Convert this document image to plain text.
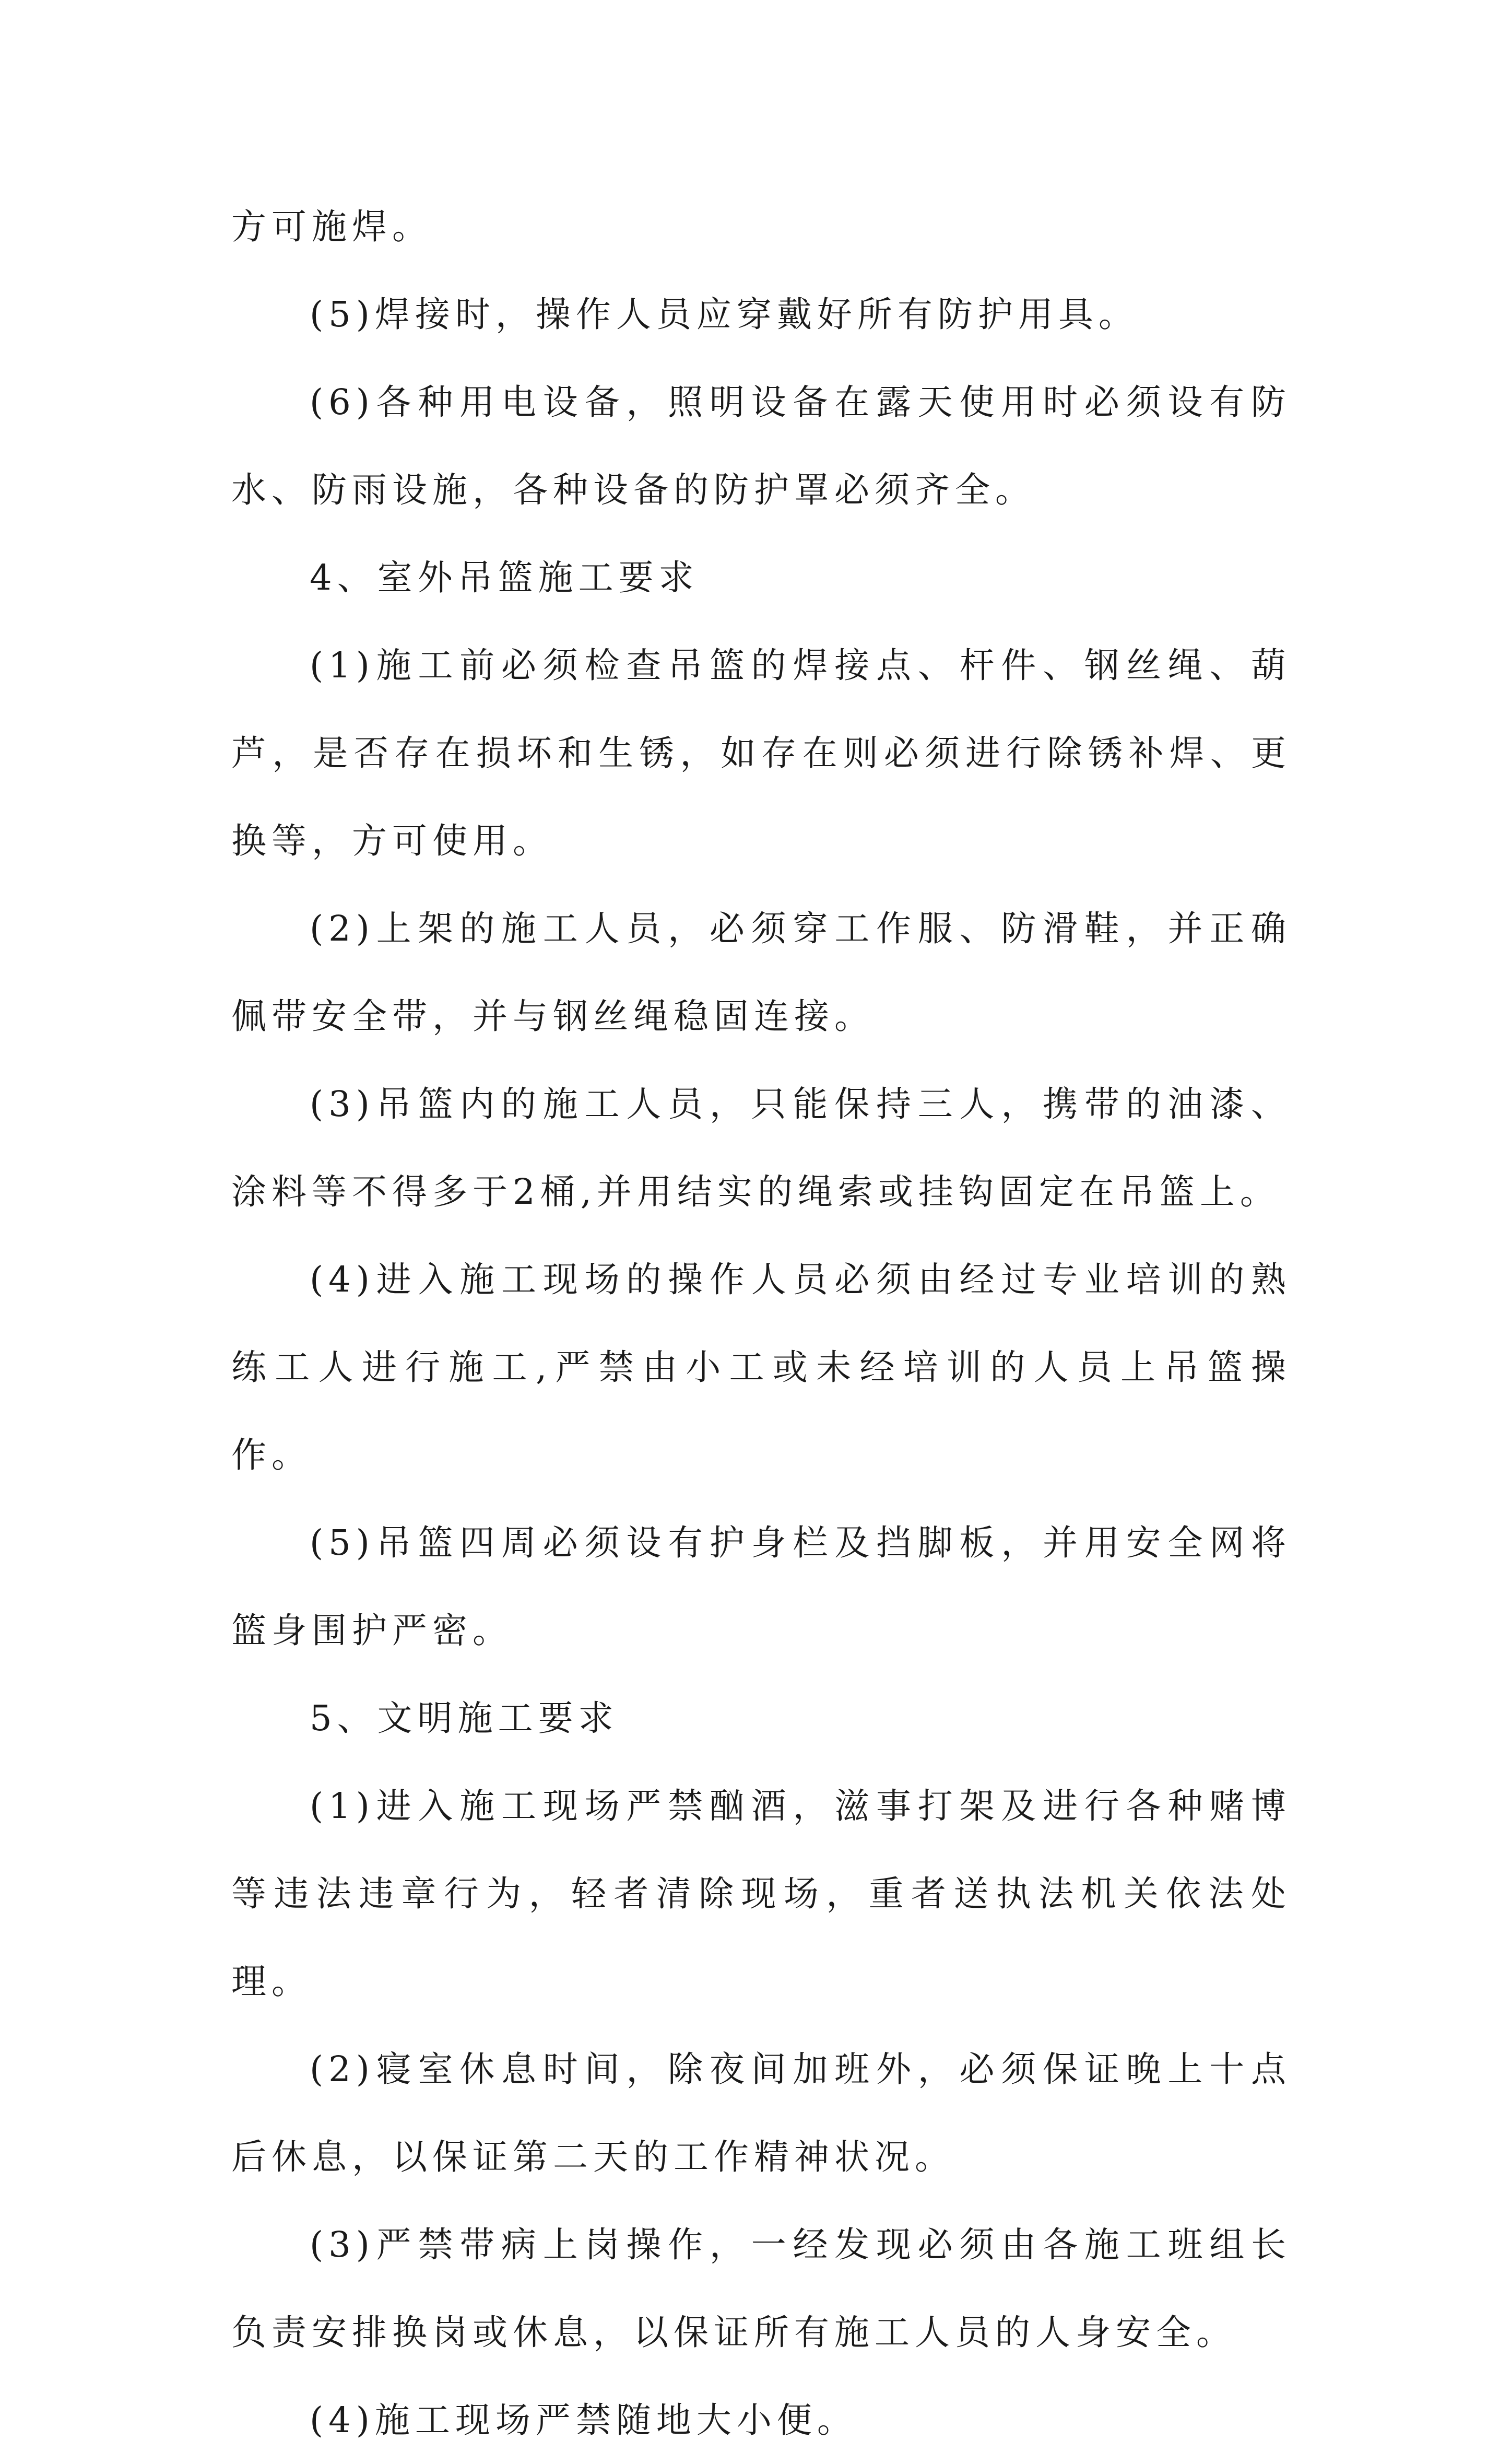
方可施焊。

(5)焊接时，操作人员应穿戴好所有防护用具。

(6)各种用电设备，照明设备在露天使用时必须设有防水、防雨设施，各种设备的防护罩必须齐全。

4、室外吊篮施工要求

(1)施工前必须检查吊篮的焊接点、杆件、钢丝绳、葫芦，是否存在损坏和生锈，如存在则必须进行除锈补焊、更换等，方可使用。

(2)上架的施工人员，必须穿工作服、防滑鞋，并正确佩带安全带，并与钢丝绳稳固连接。

(3)吊篮内的施工人员，只能保持三人，携带的油漆、涂料等不得多于2桶,并用结实的绳索或挂钩固定在吊篮上。

(4)进入施工现场的操作人员必须由经过专业培训的熟练工人进行施工,严禁由小工或未经培训的人员上吊篮操作。

(5)吊篮四周必须设有护身栏及挡脚板，并用安全网将篮身围护严密。

5、文明施工要求

(1)进入施工现场严禁酗酒，滋事打架及进行各种赌博等违法违章行为，轻者清除现场，重者送执法机关依法处理。

(2)寝室休息时间，除夜间加班外，必须保证晚上十点后休息，以保证第二天的工作精神状况。

(3)严禁带病上岗操作，一经发现必须由各施工班组长负责安排换岗或休息，以保证所有施工人员的人身安全。

(4)施工现场严禁随地大小便。
